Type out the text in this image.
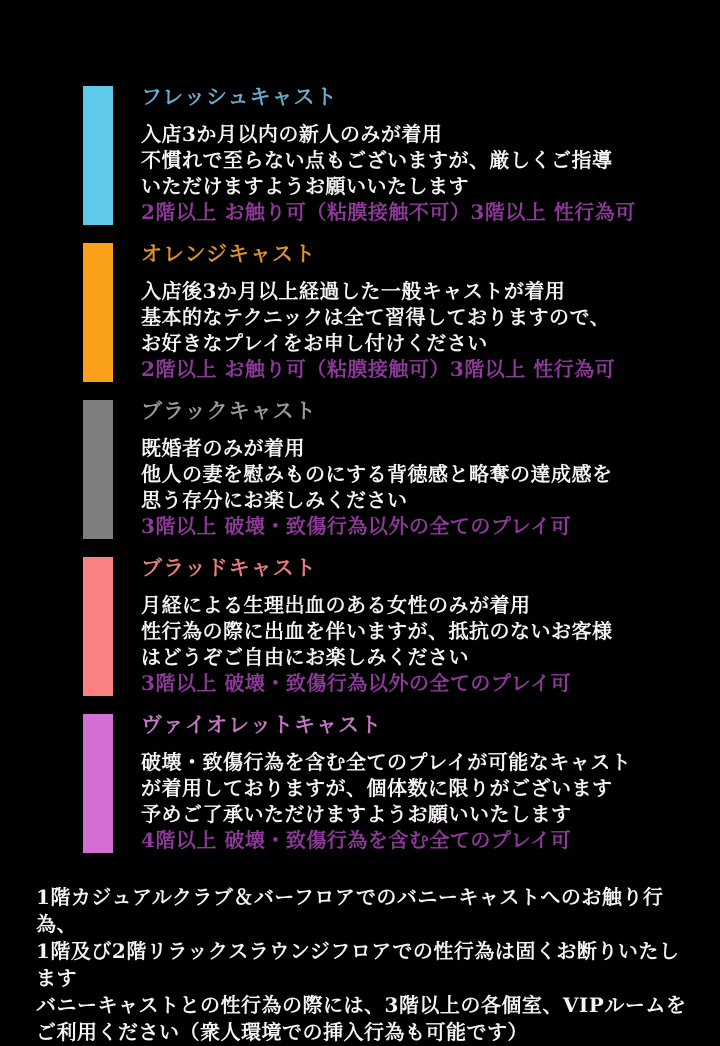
フレッシュキャスト
入店3か月以内の新人のみが着用
不慣れで至らない点もございますが、厳しくご指導
いただけますようお願いいたします
2階以上 お触り可（粘膜接触不可）3階以上 性行為可
オレンジキャスト
入店後3か月以上経過した一般キャストが着用
基本的なテクニックは全て習得しておりますので、
お好きなプレイをお申し付けください
2階以上 お触り可（粘膜接触可）3階以上 性行為可
ブラックキャスト
既婚者のみが着用
他人の妻を慰みものにする背徳感と略奪の達成感を
思う存分にお楽しみください
3階以上 破壊・致傷行為以外の全てのプレイ可
ブラッドキャスト
月経による生理出血のある女性のみが着用
性行為の際に出血を伴いますが、抵抗のないお客様
はどうぞご自由にお楽しみください
3階以上 破壊・致傷行為以外の全てのプレイ可
ヴァイオレットキャスト
破壊・致傷行為を含む全てのプレイが可能なキャスト
が着用しておりますが、個体数に限りがございます
予めご了承いただけますようお願いいたします
4階以上 破壊・致傷行為を含む全てのプレイ可
1階カジュアルクラブ＆バーフロアでのバニーキャストへのお触り行為、
1階及び2階リラックスラウンジフロアでの性行為は固くお断りいたします
バニーキャストとの性行為の際には、3階以上の各個室、VIPルームを
ご利用ください（衆人環境での挿入行為も可能です）
